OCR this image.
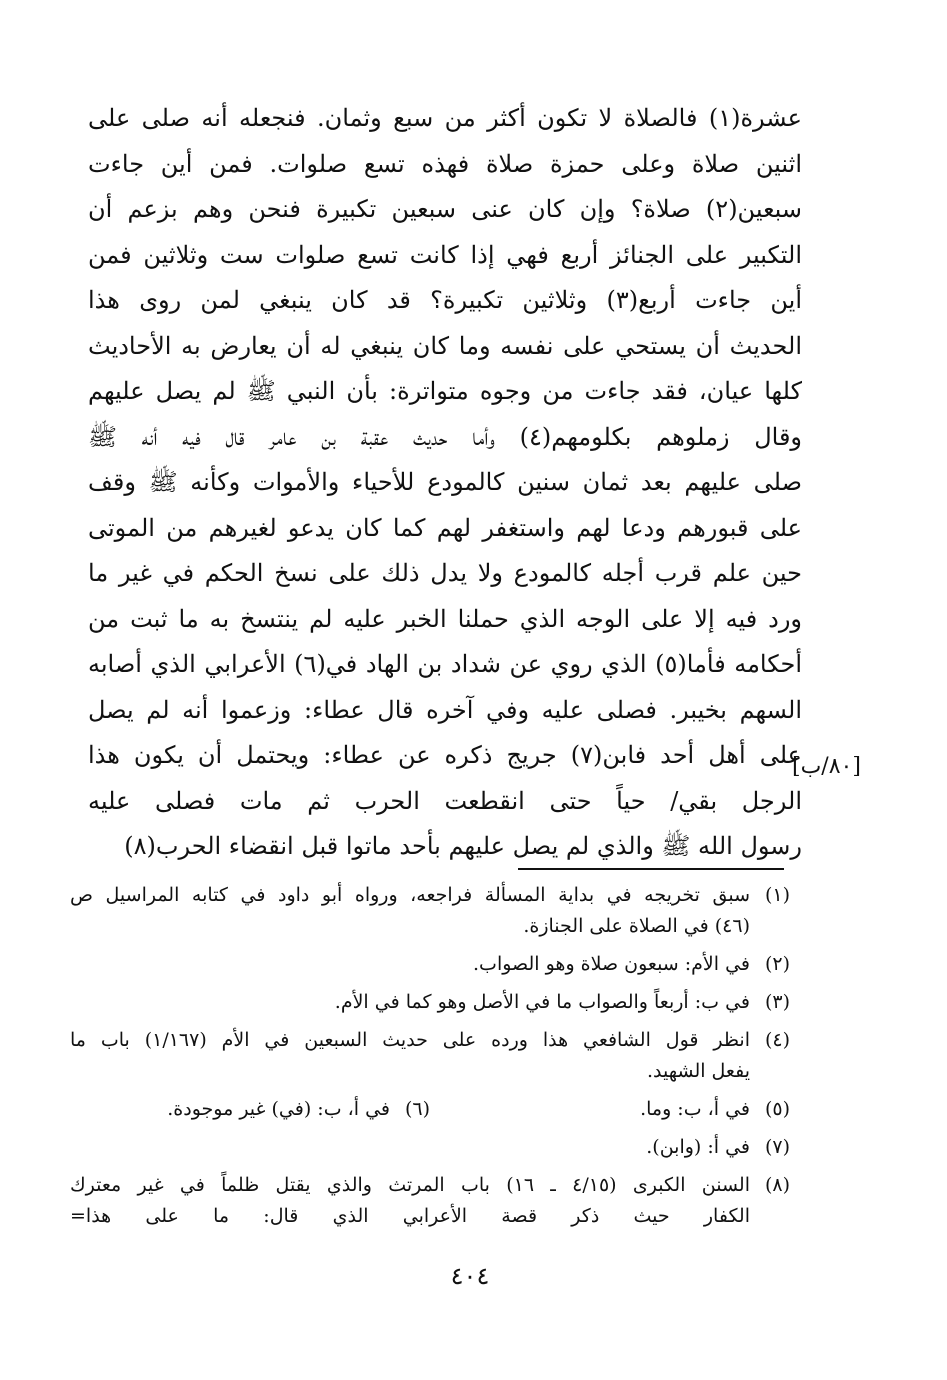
عشرة(١) فالصلاة لا تكون أكثر من سبع وثمان. فنجعله أنه صلى على
اثنين صلاة وعلى حمزة صلاة فهذه تسع صلوات. فمن أين جاءت
سبعين(٢) صلاة؟ وإن كان عنى سبعين تكبيرة فنحن وهم بزعم أن
التكبير على الجنائز أربع فهي إذا كانت تسع صلوات ست وثلاثين فمن
أين جاءت أربع(٣) وثلاثين تكبيرة؟ قد كان ينبغي لمن روى هذا
الحديث أن يستحي على نفسه وما كان ينبغي له أن يعارض به الأحاديث
كلها عيان، فقد جاءت من وجوه متواترة: بأن النبي ﷺ لم يصل عليهم
وقال زملوهم بكلومهم(٤) وأما حديث عقبة بن عامر قال فيه أنه ﷺ
صلى عليهم بعد ثمان سنين كالمودع للأحياء والأموات وكأنه ﷺ وقف
على قبورهم ودعا لهم واستغفر لهم كما كان يدعو لغيرهم من الموتى
حين علم قرب أجله كالمودع ولا يدل ذلك على نسخ الحكم في غير ما
ورد فيه إلا على الوجه الذي حملنا الخبر عليه لم ينتسخ به ما ثبت من
أحكامه فأما(٥) الذي روي عن شداد بن الهاد في(٦) الأعرابي الذي أصابه
السهم بخيبر. فصلى عليه وفي آخره قال عطاء: وزعموا أنه لم يصل
على أهل أحد فابن(٧) جريج ذكره عن عطاء: ويحتمل أن يكون هذا
الرجل بقي/ حياً حتى انقطعت الحرب ثم مات فصلى عليه
رسول الله ﷺ والذي لم يصل عليهم بأحد ماتوا قبل انقضاء الحرب(٨)
[٨٠/ب]
(١)
سبق تخريجه في بداية المسألة فراجعه، ورواه أبو داود في كتابه المراسيل ص
(٤٦) في الصلاة على الجنازة.
(٢)
في الأم: سبعون صلاة وهو الصواب.
(٣)
في ب: أربعاً والصواب ما في الأصل وهو كما في الأم.
(٤)
انظر قول الشافعي هذا ورده على حديث السبعين في الأم (١/١٦٧) باب ما
يفعل الشهيد.
(٥)
في أ، ب: وما.
(٦)
في أ، ب: (في) غير موجودة.
(٧)
في أ: (وابن).
(٨)
السنن الكبرى (٤/١٥ ـ ١٦) باب المرتث والذي يقتل ظلماً في غير معترك
الكفار حيث ذكر قصة الأعرابي الذي قال: ما على هذا=
٤٠٤
